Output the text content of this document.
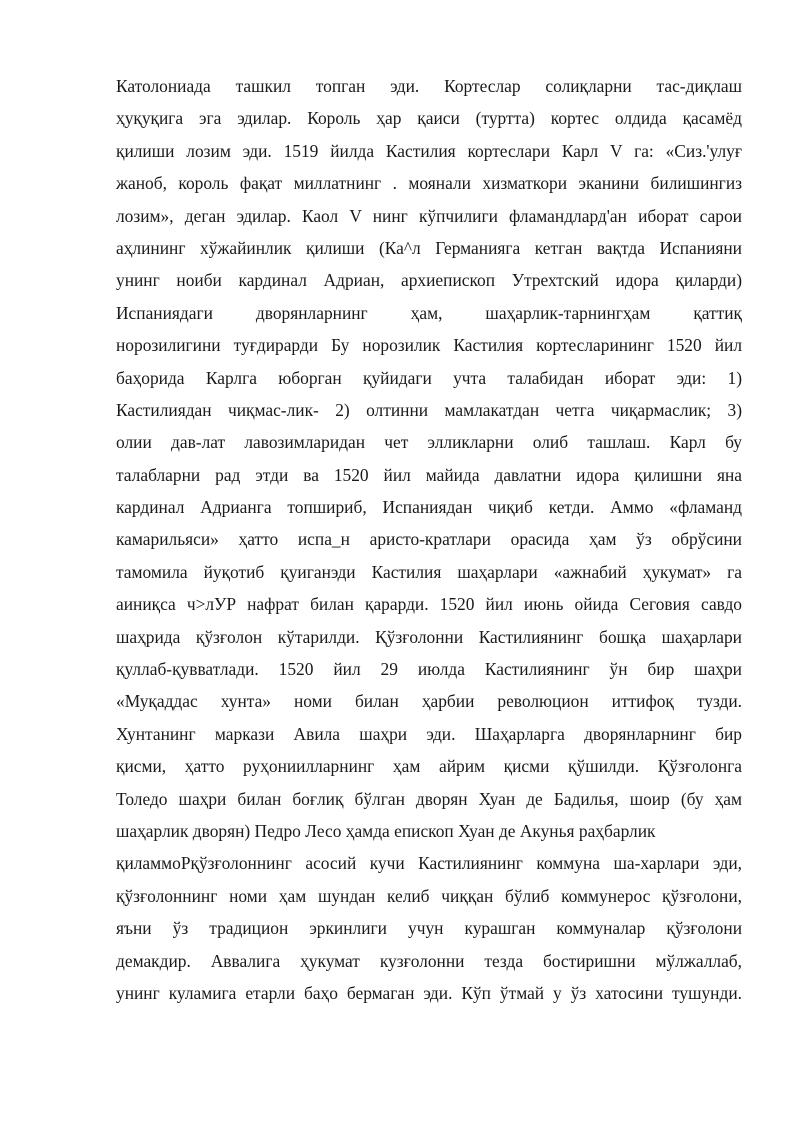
Католониада ташкил топган эди. Кортеслар солиқларни тас-диқлаш
ҳуқуқига эга эдилар. Король ҳар қаиси (туртта) кортес олдида қасамёд
қилиши лозим эди. 1519 йилда Кастилия кортеслари Карл V га: «Сиз.'улуғ
жаноб, король фақат миллатнинг . моянали хизматкори эканини билишингиз
лозим», деган эдилар. Каол V нинг кўпчилиги фламандлард'ан иборат сарои
аҳлининг хўжайинлик қилиши (Ка^л Германияга кетган вақтда Испанияни
унинг ноиби кардинал Адриан, архиепископ Утрехтский идора қиларди)
Испаниядаги дворянларнинг ҳам, шаҳарлик-тарнингҳам қаттиқ
норозилигини туғдирарди Бу норозилик Кастилия кортесларининг 1520 йил
баҳорида Карлга юборган қуйидаги учта талабидан иборат эди: 1)
Кастилиядан чиқмас-лик- 2) олтинни мамлакатдан четга чиқармаслик; 3)
олии дав-лат лавозимларидан чет элликларни олиб ташлаш. Карл бу
талабларни рад этди ва 1520 йил майида давлатни идора қилишни яна
кардинал Адрианга топшириб, Испаниядан чиқиб кетди. Аммо «фламанд
камарильяси» ҳатто испа_н аристо-кратлари орасида ҳам ўз обрўсини
тамомила йуқотиб қуиганэди Кастилия шаҳарлари «ажнабий ҳукумат» га
аиниқса ч>лУР нафрат билан қарарди. 1520 йил июнь ойида Сеговия савдо
шаҳрида қўзғолон кўтарилди. Қўзғолонни Кастилиянинг бошқа шаҳарлари
қуллаб-қувватлади. 1520 йил 29 июлда Кастилиянинг ўн бир шаҳри
«Муқаддас хунта» номи билан ҳарбии революцион иттифоқ тузди.
Хунтанинг маркази Авила шаҳри эди. Шаҳарларга дворянларнинг бир
қисми, ҳатто руҳониилларнинг ҳам айрим қисми қўшилди. Қўзғолонга
Толедо шаҳри билан боғлиқ бўлган дворян Хуан де Бадилья, шоир (бу ҳам
шаҳарлик дворян) Педро Лесо ҳамда епископ Хуан де Акунья раҳбарлик
қиламмоРқўзғолоннинг асосий кучи Кастилиянинг коммуна ша-харлари эди,
қўзғолоннинг номи ҳам шундан келиб чиққан бўлиб коммунерос қўзғолони,
яъни ўз традицион эркинлиги учун курашган коммуналар қўзғолони
демакдир. Аввалига ҳукумат кузғолонни тезда бостиришни мўлжаллаб,
унинг куламига етарли баҳо бермаган эди. Кўп ўтмай у ўз хатосини тушунди.
